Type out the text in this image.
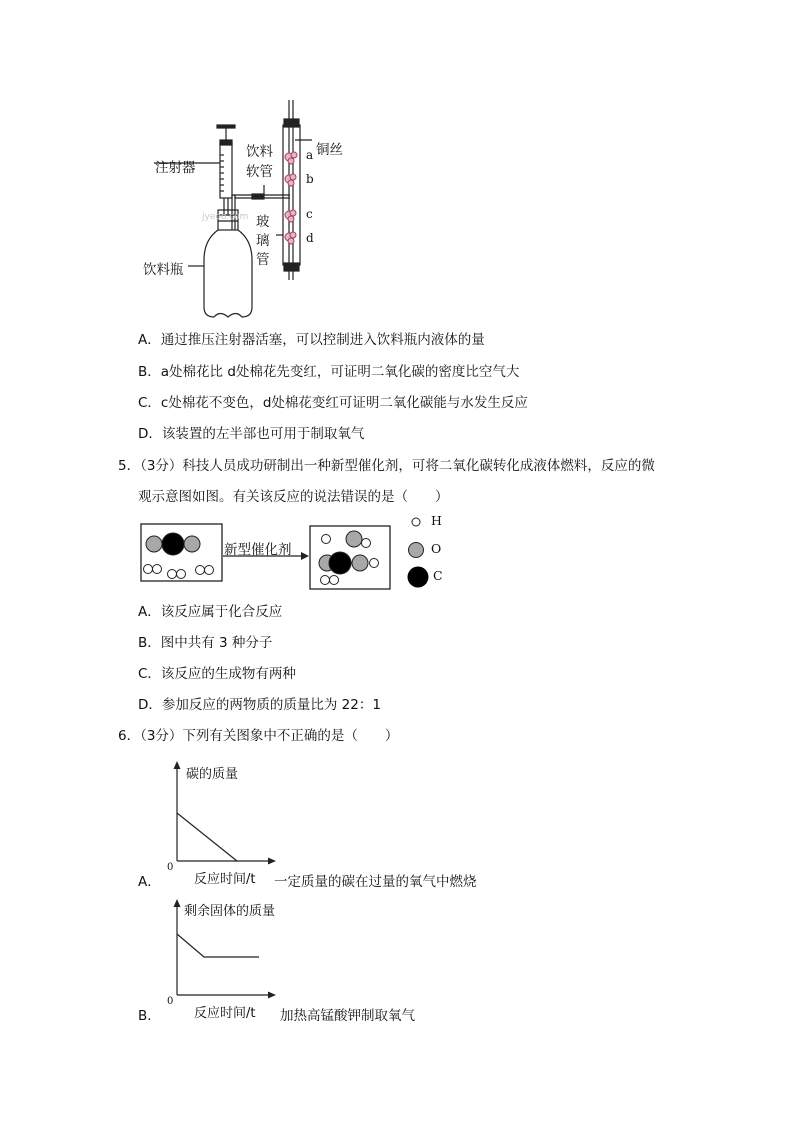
注射器
饮料
软管
饮料瓶
铜丝
玻
璃
管
a
b
c
d
jyeoo.com
A．通过推压注射器活塞，可以控制进入饮料瓶内液体的量
B．a处棉花比 d处棉花先变红，可证明二氧化碳的密度比空气大
C．c处棉花不变色，d处棉花变红可证明二氧化碳能与水发生反应
D．该装置的左半部也可用于制取氧气
5．（3分）科技人员成功研制出一种新型催化剂，可将二氧化碳转化成液体燃料，反应的微
观示意图如图。有关该反应的说法错误的是（　　）
新型催化剂
H
O
C
A．该反应属于化合反应
B．图中共有 3 种分子
C．该反应的生成物有两种
D．参加反应的两物质的质量比为 22：1
6．（3分）下列有关图象中不正确的是（　　）
碳的质量
0
A．	反应时间/t 一定质量的碳在过量的氧气中燃烧
剩余固体的质量
0
B．	反应时间/t 加热高锰酸钾制取氧气
